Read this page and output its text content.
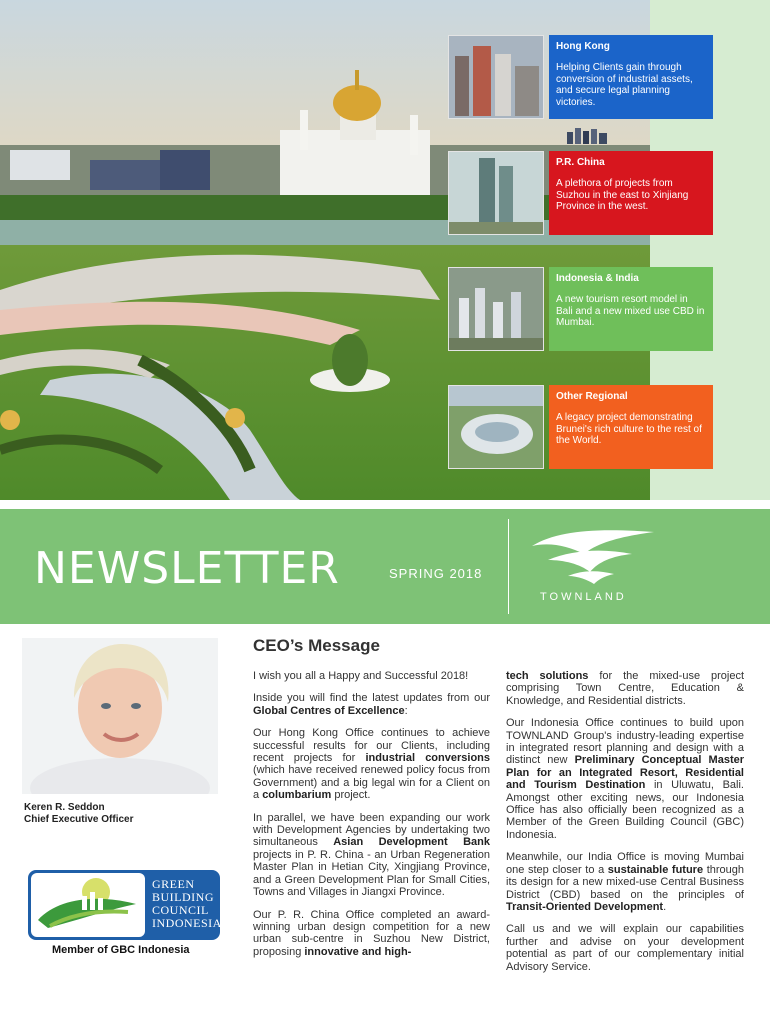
Hong Kong
Helping Clients gain through conversion of industrial assets, and secure legal planning victories.
P.R. China
A plethora of projects from Suzhou in the east to Xinjiang Province in the west.
Indonesia & India
A new tourism resort model in Bali and a new mixed use CBD in Mumbai.
Other Regional
A legacy project demonstrating Brunei's rich culture to the rest of the World.
NEWSLETTER	SPRING 2018
TOWNLAND
Keren R. Seddon
Chief Executive Officer
GREEN
BUILDING
COUNCIL
INDONESIA
Member of GBC Indonesia
CEO’s Message

I wish you all a Happy and Successful 2018!

Inside you will find the latest updates from our Global Centres of Excellence:

Our Hong Kong Office continues to achieve successful results for our Clients, including recent projects for industrial conversions (which have received renewed policy focus from Government) and a big legal win for a Client on a columbarium project.

In parallel, we have been expanding our work with Development Agencies by undertaking two simultaneous Asian Development Bank projects in P. R. China - an Urban Regeneration Master Plan in Hetian City, Xingjiang Province, and a Green Development Plan for Small Cities, Towns and Villages in Jiangxi Province.

Our P. R. China Office completed an award-winning urban design competition for a new urban sub-centre in Suzhou New District, proposing innovative and high-

tech solutions for the mixed-use project comprising Town Centre, Education & Knowledge, and Residential districts.

Our Indonesia Office continues to build upon TOWNLAND Group's industry-leading expertise in integrated resort planning and design with a distinct new Preliminary Conceptual Master Plan for an Integrated Resort, Residential and Tourism Destination in Uluwatu, Bali. Amongst other exciting news, our Indonesia Office has also officially been recognized as a Member of the Green Building Council (GBC) Indonesia.

Meanwhile, our India Office is moving Mumbai one step closer to a sustainable future through its design for a new mixed-use Central Business District (CBD) based on the principles of Transit-Oriented Development.

Call us and we will explain our capabilities further and advise on your development potential as part of our complementary initial Advisory Service.
